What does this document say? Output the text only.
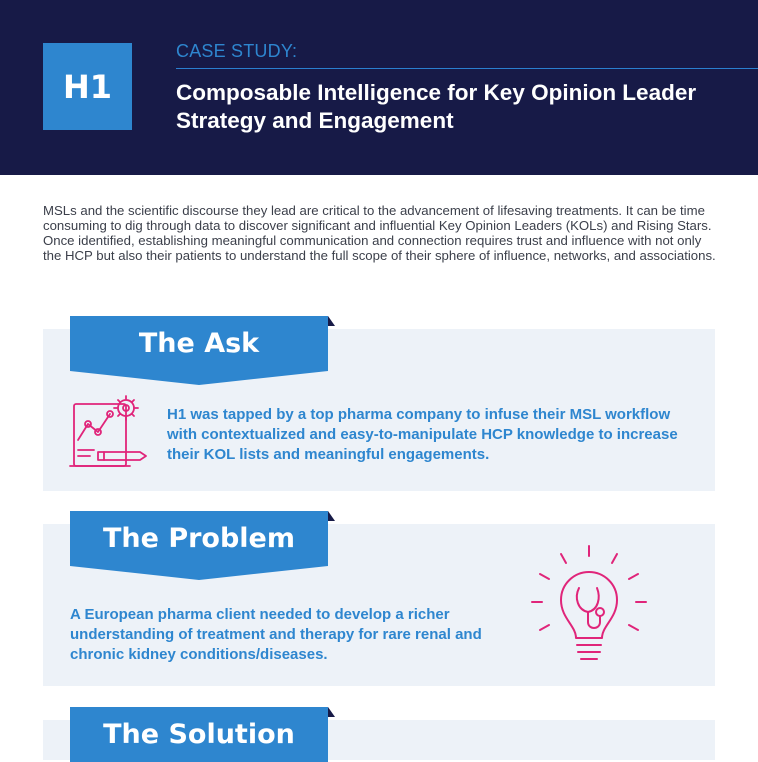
H1
CASE STUDY:
Composable Intelligence for Key Opinion Leader Strategy and Engagement
MSLs and the scientific discourse they lead are critical to the advancement of lifesaving treatments. It can be time consuming to dig through data to discover significant and influential Key Opinion Leaders (KOLs) and Rising Stars. Once identified, establishing meaningful communication and connection requires trust and influence with not only the HCP but also their patients to understand the full scope of their sphere of influence, networks, and associations.
The Ask
H1 was tapped by a top pharma company to infuse their MSL workflow with contextualized and easy-to-manipulate HCP knowledge to increase their KOL lists and meaningful engagements.
The Problem
A European pharma client needed to develop a richer understanding of treatment and therapy for rare renal and chronic kidney conditions/diseases.
The Solution
